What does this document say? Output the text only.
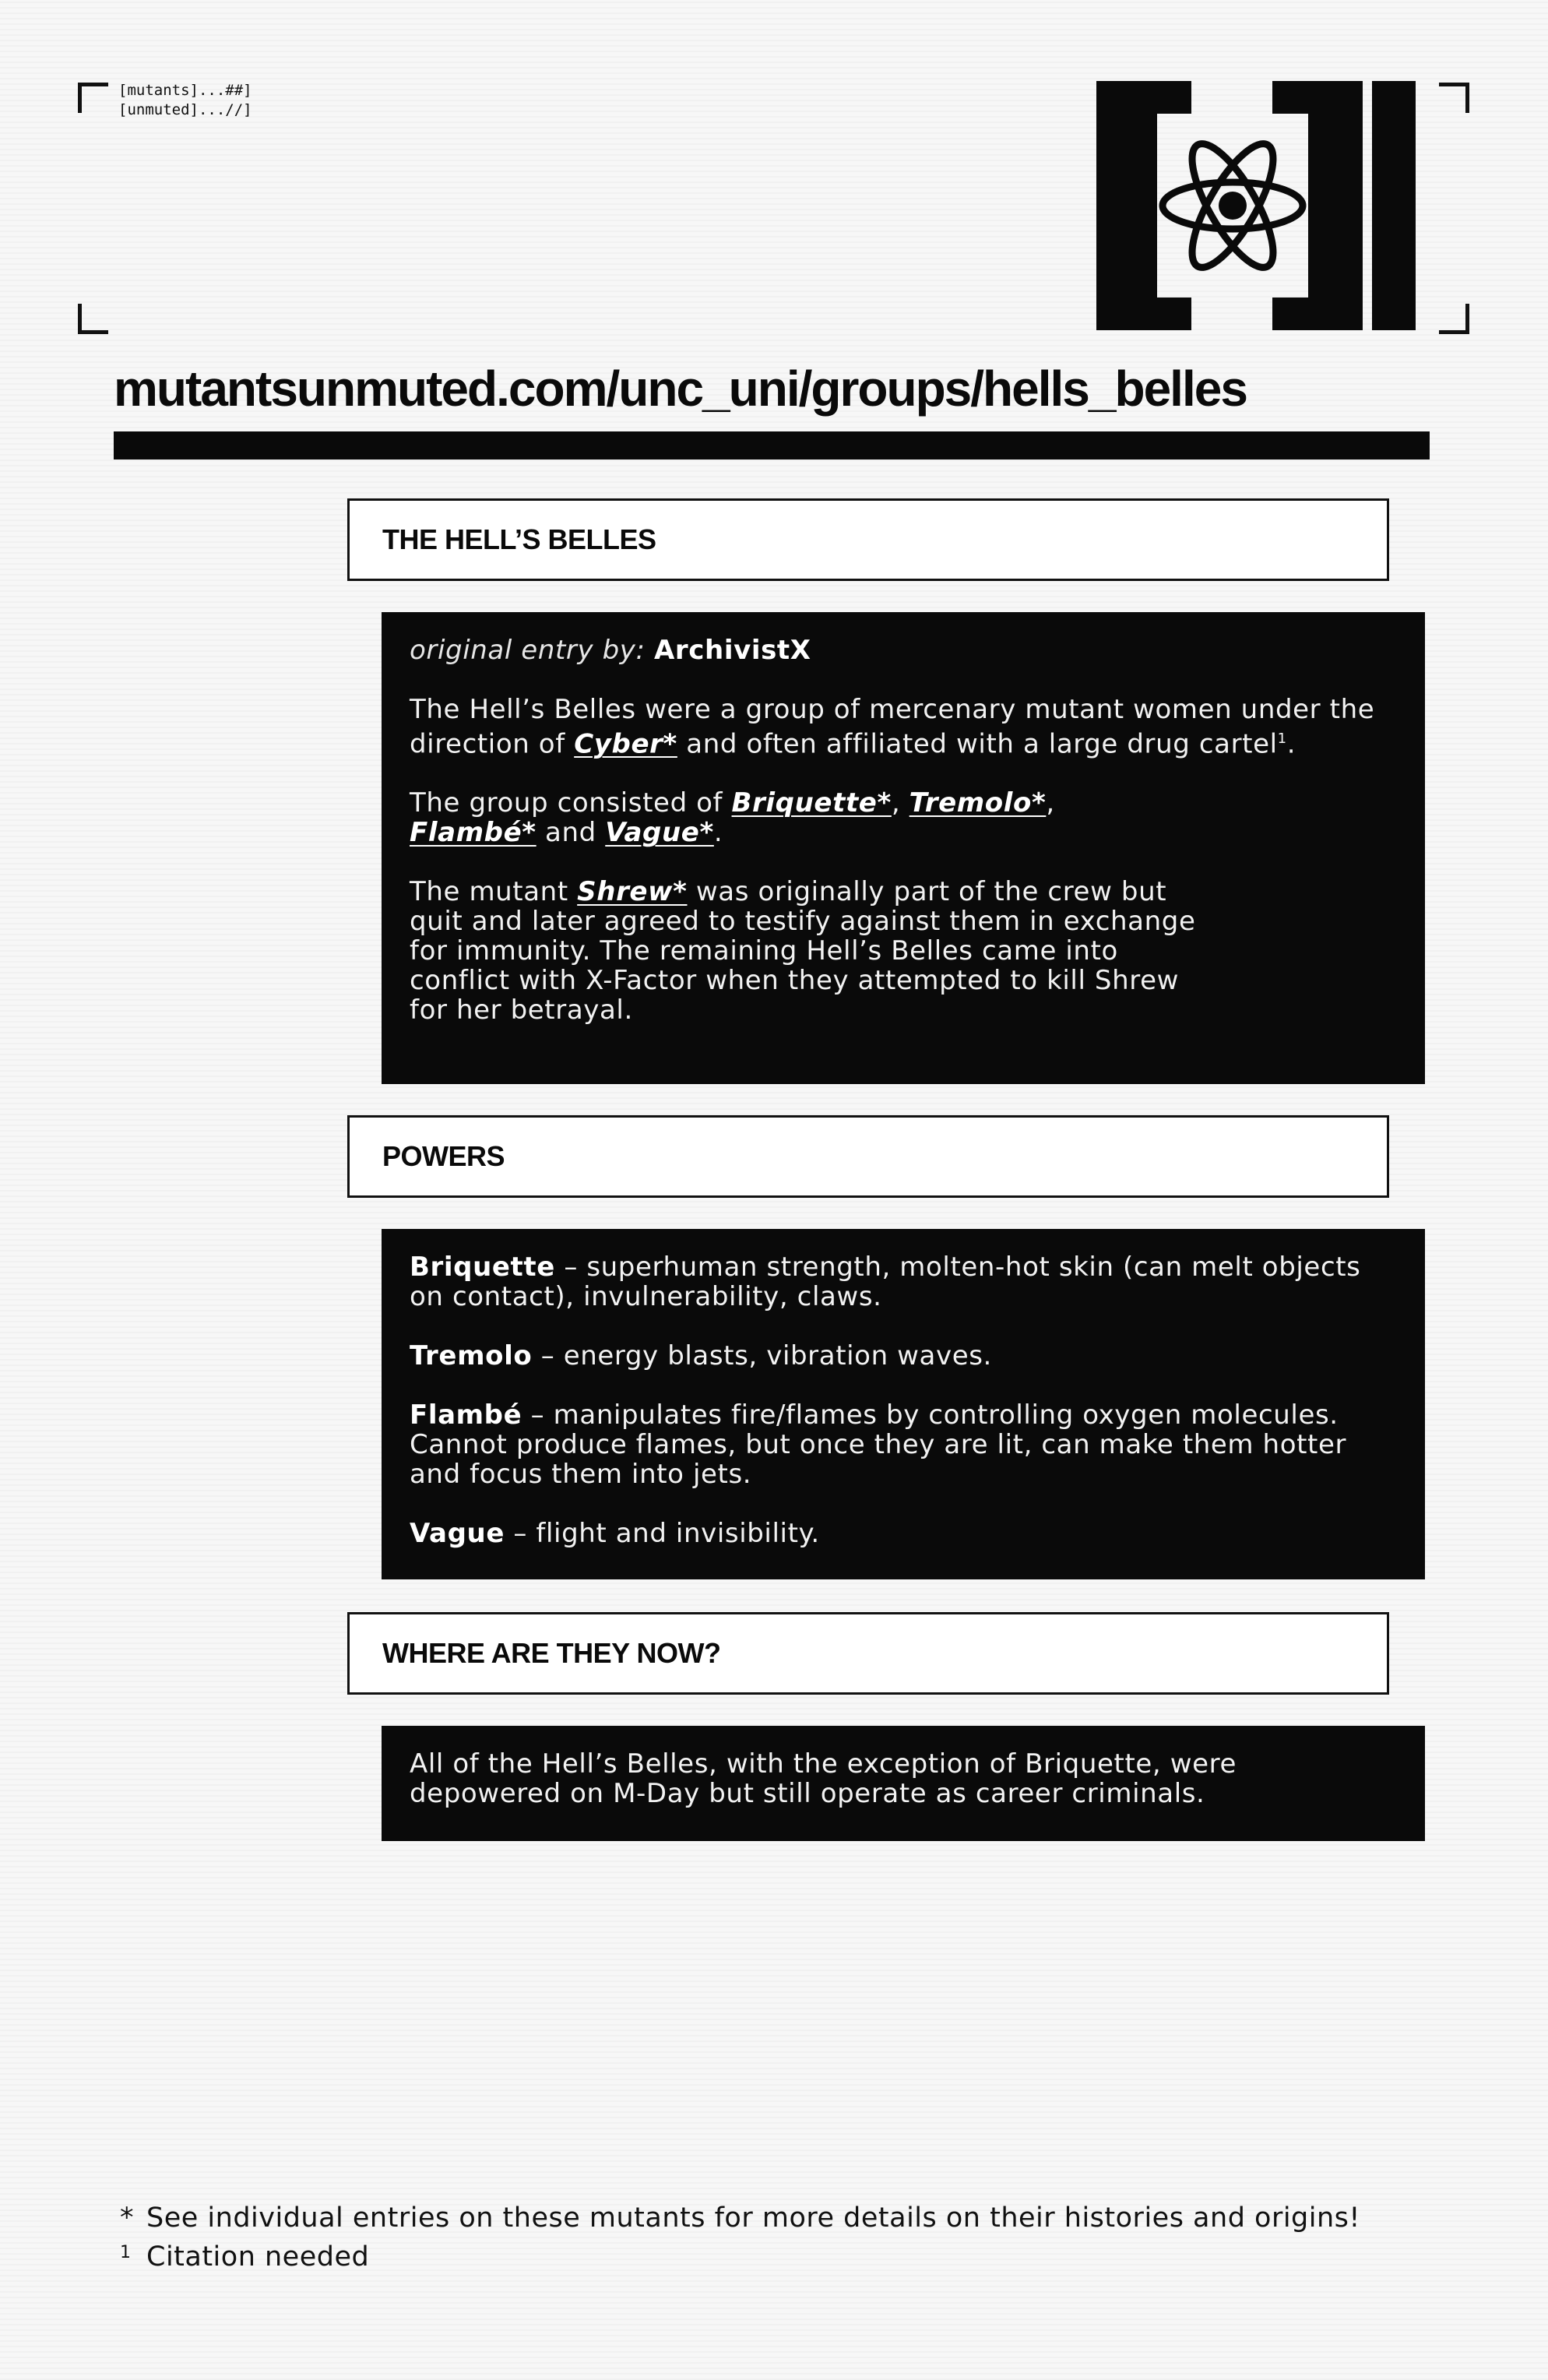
[mutants]...##]
[unmuted]...//]
mutantsunmuted.com/unc_uni/groups/hells_belles
THE HELL’S BELLES

original entry by: ArchivistX

The Hell’s Belles were a group of mercenary mutant women under the direction of Cyber* and often affiliated with a large drug cartel$^1$.

The group consisted of Briquette*, Tremolo*,
Flambé* and Vague*.

The mutant Shrew* was originally part of the crew but quit and later agreed to testify against them in exchange for immunity. The remaining Hell’s Belles came into conflict with X-Factor when they attempted to kill Shrew for her betrayal.

POWERS

Briquette – superhuman strength, molten-hot skin (can melt objects on contact), invulnerability, claws.

Tremolo – energy blasts, vibration waves.

Flambé – manipulates fire/flames by controlling oxygen molecules. Cannot produce flames, but once they are lit, can make them hotter and focus them into jets.

Vague – flight and invisibility.

WHERE ARE THEY NOW?

All of the Hell’s Belles, with the exception of Briquette, were depowered on M-Day but still operate as career criminals.

* See individual entries on these mutants for more details on their histories and origins!
1 Citation needed
